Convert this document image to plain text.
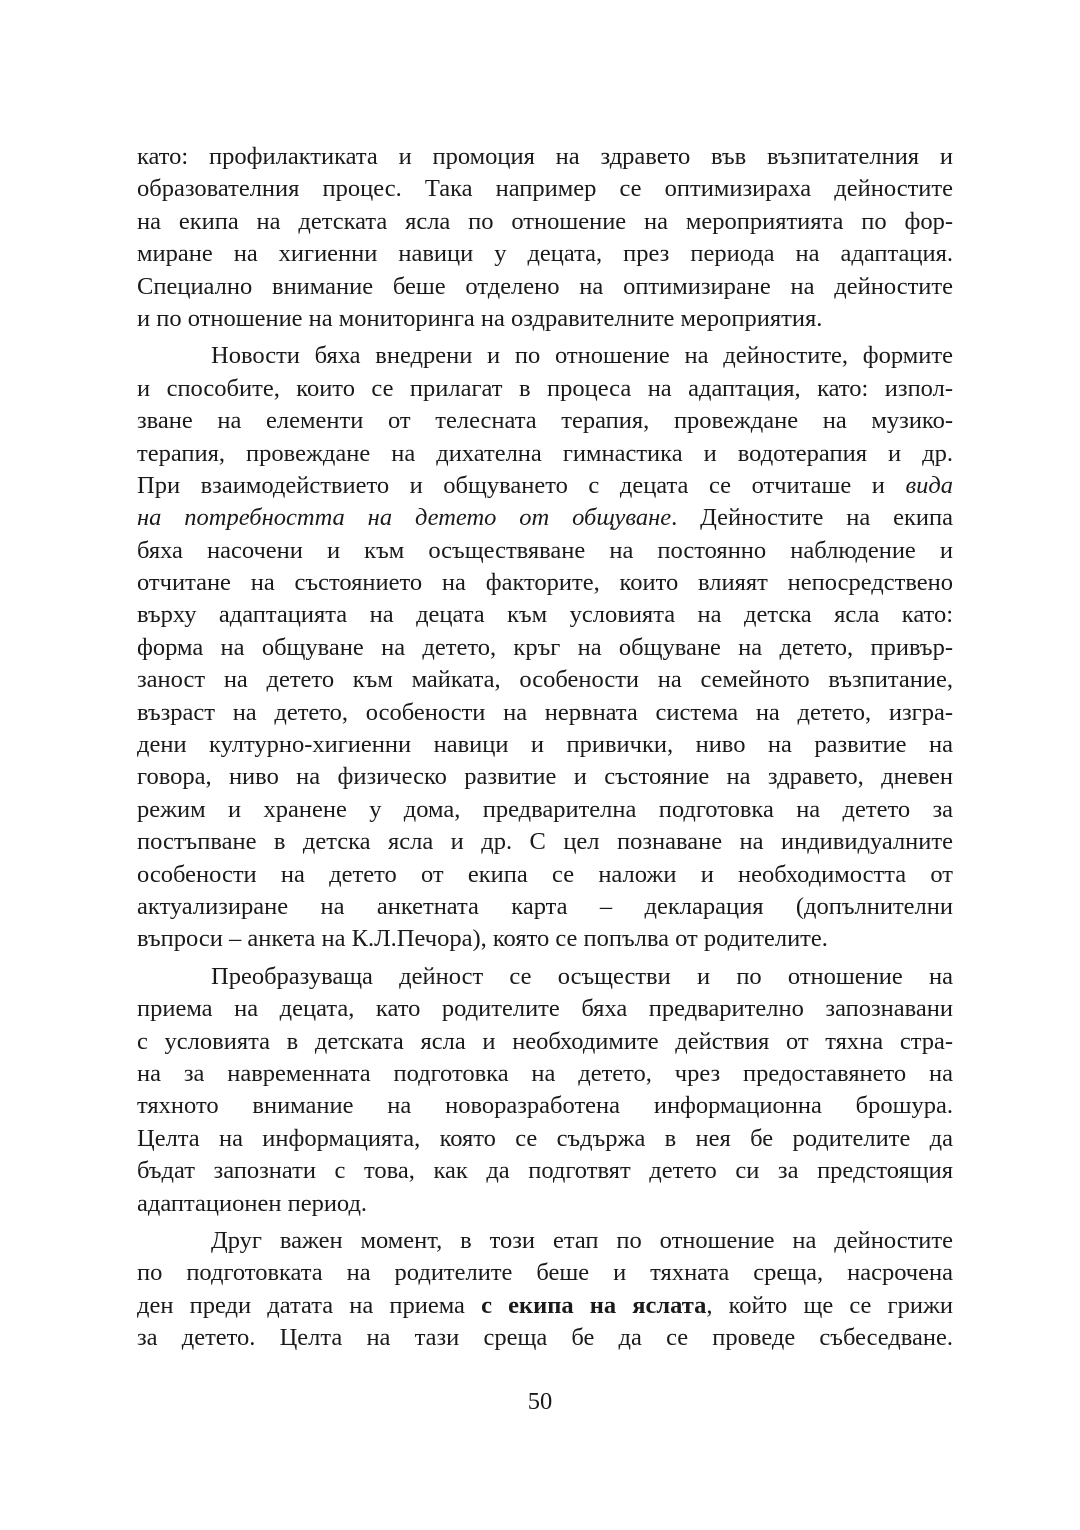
като: профилактиката и промоция на здравето във възпитателния и
образователния процес. Така например се оптимизираха дейностите
на екипа на детската ясла по отношение на мероприятията по фор-
миране на хигиенни навици у децата, през периода на адаптация.
Специално внимание беше отделено на оптимизиране на дейностите
и по отношение на мониторинга на оздравителните мероприятия.
Новости бяха внедрени и по отношение на дейностите, формите
и способите, които се прилагат в процеса на адаптация, като: изпол-
зване на елементи от телесната терапия, провеждане на музико-
терапия, провеждане на дихателна гимнастика и водотерапия и др.
При взаимодействието и общуването с децата се отчиташе и вида
на потребността на детето от общуване. Дейностите на екипа
бяха насочени и към осъществяване на постоянно наблюдение и
отчитане на състоянието на факторите, които влияят непосредствено
върху адаптацията на децата към условията на детска ясла като:
форма на общуване на детето, кръг на общуване на детето, привър-
заност на детето към майката, особености на семейното възпитание,
възраст на детето, особености на нервната система на детето, изгра-
дени културно-хигиенни навици и привички, ниво на развитие на
говора, ниво на физическо развитие и състояние на здравето, дневен
режим и хранене у дома, предварителна подготовка на детето за
постъпване в детска ясла и др. С цел познаване на индивидуалните
особености на детето от екипа се наложи и необходимостта от
актуализиране на анкетната карта – декларация (допълнителни
въпроси – анкета на К.Л.Печора), която се попълва от родителите.
Преобразуваща дейност се осъществи и по отношение на
приема на децата, като родителите бяха предварително запознавани
с условията в детската ясла и необходимите действия от тяхна стра-
на за навременната подготовка на детето, чрез предоставянето на
тяхното внимание на новоразработена информационна брошура.
Целта на информацията, която се съдържа в нея бе родителите да
бъдат запознати с това, как да подготвят детето си за предстоящия
адаптационен период.
Друг важен момент, в този етап по отношение на дейностите
по подготовката на родителите беше и тяхната среща, насрочена
ден преди датата на приема с екипа на яслата, който ще се грижи
за детето. Целта на тази среща бе да се проведе събеседване.
50
